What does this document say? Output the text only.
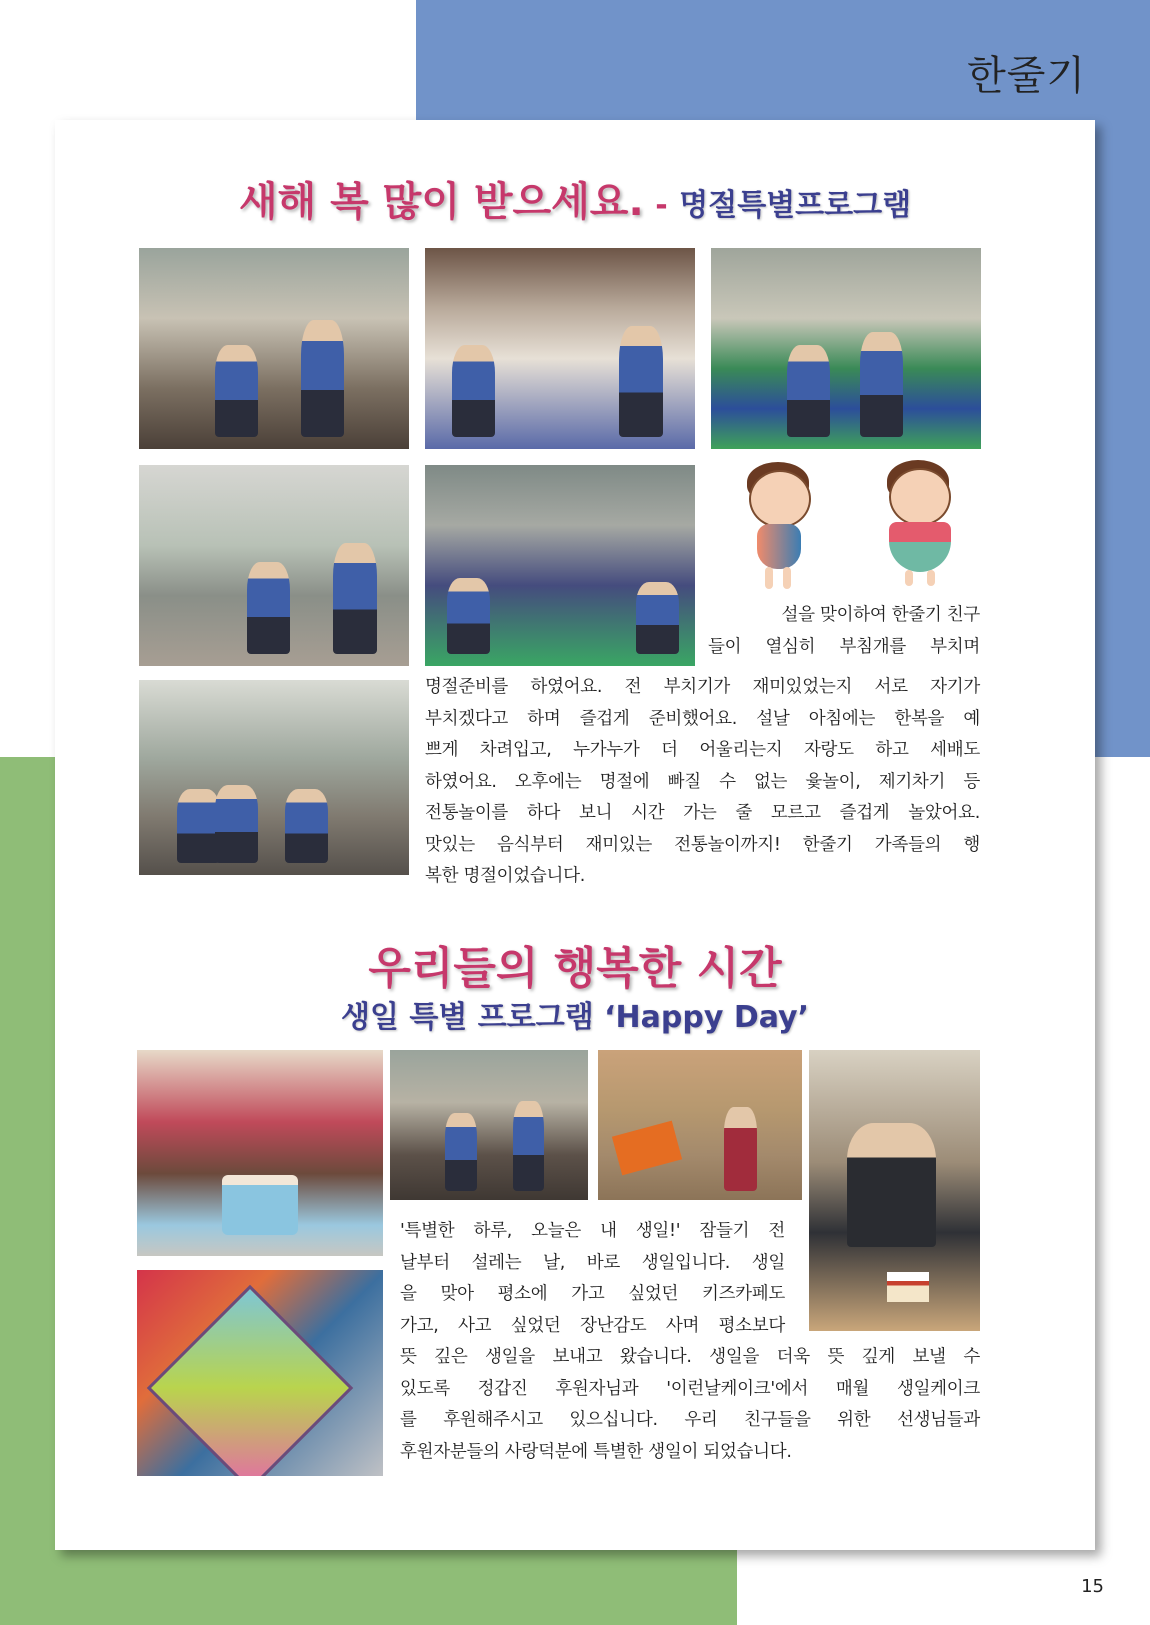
한줄기
새해 복 많이 받으세요. - 명절특별프로그램
설을 맞이하여 한줄기 친구
들이 열심히 부침개를 부치며
명절준비를 하였어요. 전 부치기가 재미있었는지 서로 자기가
부치겠다고 하며 즐겁게 준비했어요. 설날 아침에는 한복을 예
쁘게 차려입고, 누가누가 더 어울리는지 자랑도 하고 세배도
하였어요. 오후에는 명절에 빠질 수 없는 윷놀이, 제기차기 등
전통놀이를 하다 보니 시간 가는 줄 모르고 즐겁게 놀았어요.
맛있는 음식부터 재미있는 전통놀이까지! 한줄기 가족들의 행
복한 명절이었습니다.
우리들의 행복한 시간
생일 특별 프로그램 ‘Happy Day’
'특별한 하루, 오늘은 내 생일!' 잠들기 전
날부터 설레는 날, 바로 생일입니다. 생일
을 맞아 평소에 가고 싶었던 키즈카페도
가고, 사고 싶었던 장난감도 사며 평소보다
뜻 깊은 생일을 보내고 왔습니다. 생일을 더욱 뜻 깊게 보낼 수
있도록 정갑진 후원자님과 '이런날케이크'에서 매월 생일케이크
를 후원해주시고 있으십니다. 우리 친구들을 위한 선생님들과
후원자분들의 사랑덕분에 특별한 생일이 되었습니다.
15
